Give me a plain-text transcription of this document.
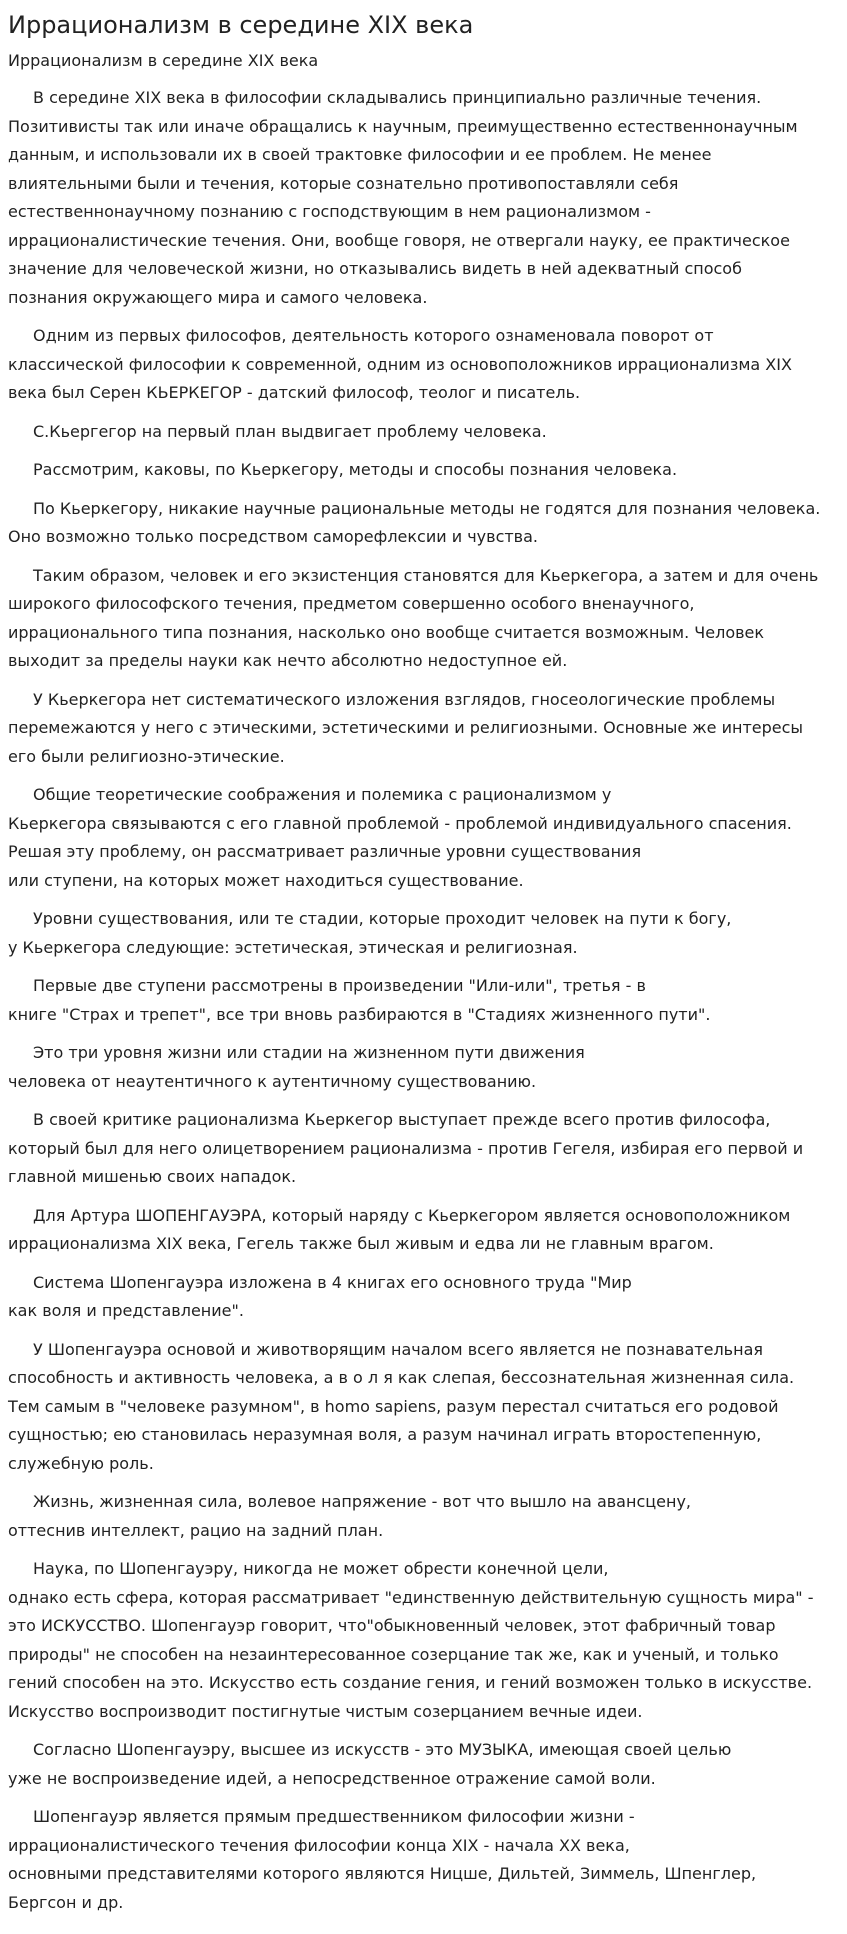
Иррационализм в середине XIX века
Иррационализм в середине XIX века

В середине XIX века в философии складывались принципиально различные течения. Позитивисты так или иначе обращались к научным, преимущественно естественнонаучным данным, и использовали их в своей трактовке философии и ее проблем. Не менее влиятельными были и течения, которые сознательно противопоставляли себя естественнонаучному познанию с господствующим в нем рационализмом - иррационалистические течения. Они, вообще говоря, не отвергали науку, ее практическое значение для человеческой жизни, но отказывались видеть в ней адекватный способ познания окружающего мира и самого человека.

Одним из первых философов, деятельность которого ознаменовала поворот от классической философии к современной, одним из основоположников иррационализма XIX века был Серен КЬЕРКЕГОР - датский философ, теолог и писатель.

С.Кьергегор на первый план выдвигает проблему человека.

Рассмотрим, каковы, по Кьеркегору, методы и способы познания человека.

По Кьеркегору, никакие научные рациональные методы не годятся для познания человека. Оно возможно только посредством саморефлексии и чувства.

Таким образом, человек и его экзистенция становятся для Кьеркегора, а затем и для очень широкого философского течения, предметом совершенно особого вненаучного, иррационального типа познания, насколько оно вообще считается возможным. Человек выходит за пределы науки как нечто абсолютно недоступное ей.

У Кьеркегора нет систематического изложения взглядов, гносеологические проблемы перемежаются у него с этическими, эстетическими и религиозными. Основные же интересы его были религиозно-этические.

Общие теоретические соображения и полемика с рационализмом у
Кьеркегора связываются с его главной проблемой - проблемой индивидуального спасения. Решая эту проблему, он рассматривает различные уровни существования
или ступени, на которых может находиться существование.

Уровни существования, или те стадии, которые проходит человек на пути к богу,
у Кьеркегора следующие: эстетическая, этическая и религиозная.

Первые две ступени рассмотрены в произведении "Или-или", третья - в
книге "Страх и трепет", все три вновь разбираются в "Стадиях жизненного пути".

Это три уровня жизни или стадии на жизненном пути движения
человека от неаутентичного к аутентичному существованию.

В своей критике рационализма Кьеркегор выступает прежде всего против философа, который был для него олицетворением рационализма - против Гегеля, избирая его первой и главной мишенью своих нападок.

Для Артура ШОПЕНГАУЭРА, который наряду с Кьеркегором является основоположником иррационализма XIX века, Гегель также был живым и едва ли не главным врагом.

Система Шопенгауэра изложена в 4 книгах его основного труда "Мир
как воля и представление".

У Шопенгауэра основой и животворящим началом всего является не познавательная способность и активность человека, а в о л я как слепая, бессознательная жизненная сила. Тем самым в "человеке разумном", в homo sapiens, разум перестал считаться его родовой сущностью; ею становилась неразумная воля, а разум начинал играть второстепенную, служебную роль.

Жизнь, жизненная сила, волевое напряжение - вот что вышло на авансцену,
оттеснив интеллект, рацио на задний план.

Наука, по Шопенгауэру, никогда не может обрести конечной цели,
однако есть сфера, которая рассматривает "единственную действительную сущность мира" - это ИСКУССТВО. Шопенгауэр говорит, что"обыкновенный человек, этот фабричный товар природы" не способен на незаинтересованное созерцание так же, как и ученый, и только гений способен на это. Искусство есть создание гения, и гений возможен только в искусстве. Искусство воспроизводит постигнутые чистым созерцанием вечные идеи.

Согласно Шопенгауэру, высшее из искусств - это МУЗЫКА, имеющая своей целью
уже не воспроизведение идей, а непосредственное отражение самой воли.

Шопенгауэр является прямым предшественником философии жизни -
иррационалистического течения философии конца XIX - начала XX века,
основными представителями которого являются Ницше, Дильтей, Зиммель, Шпенглер, Бергсон и др.
